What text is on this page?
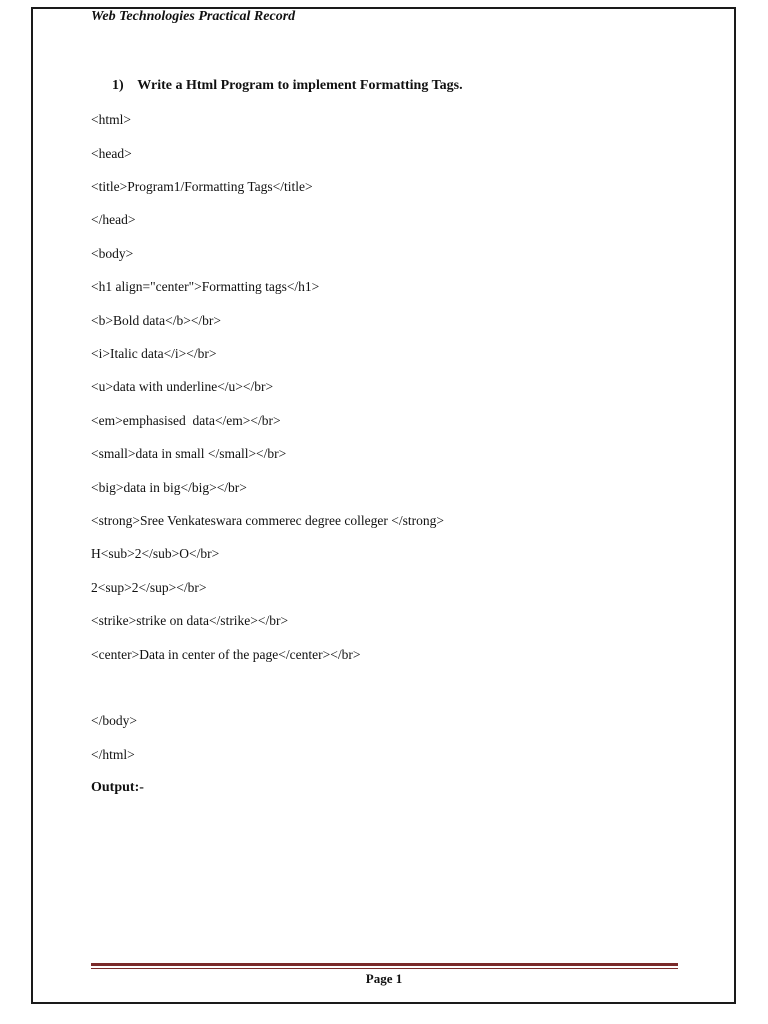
Web Technologies Practical Record
1) Write a Html Program to implement Formatting Tags.
<html>
<head>
<title>Program1/Formatting Tags</title>
</head>
<body>
<h1 align="center">Formatting tags</h1>
<b>Bold data</b></br>
<i>Italic data</i></br>
<u>data with underline</u></br>
<em>emphasised  data</em></br>
<small>data in small </small></br>
<big>data in big</big></br>
<strong>Sree Venkateswara commerec degree colleger </strong>
H<sub>2</sub>O</br>
2<sup>2</sup></br>
<strike>strike on data</strike></br>
<center>Data in center of the page</center></br>
</body>
</html>
Output:-
Page 1
